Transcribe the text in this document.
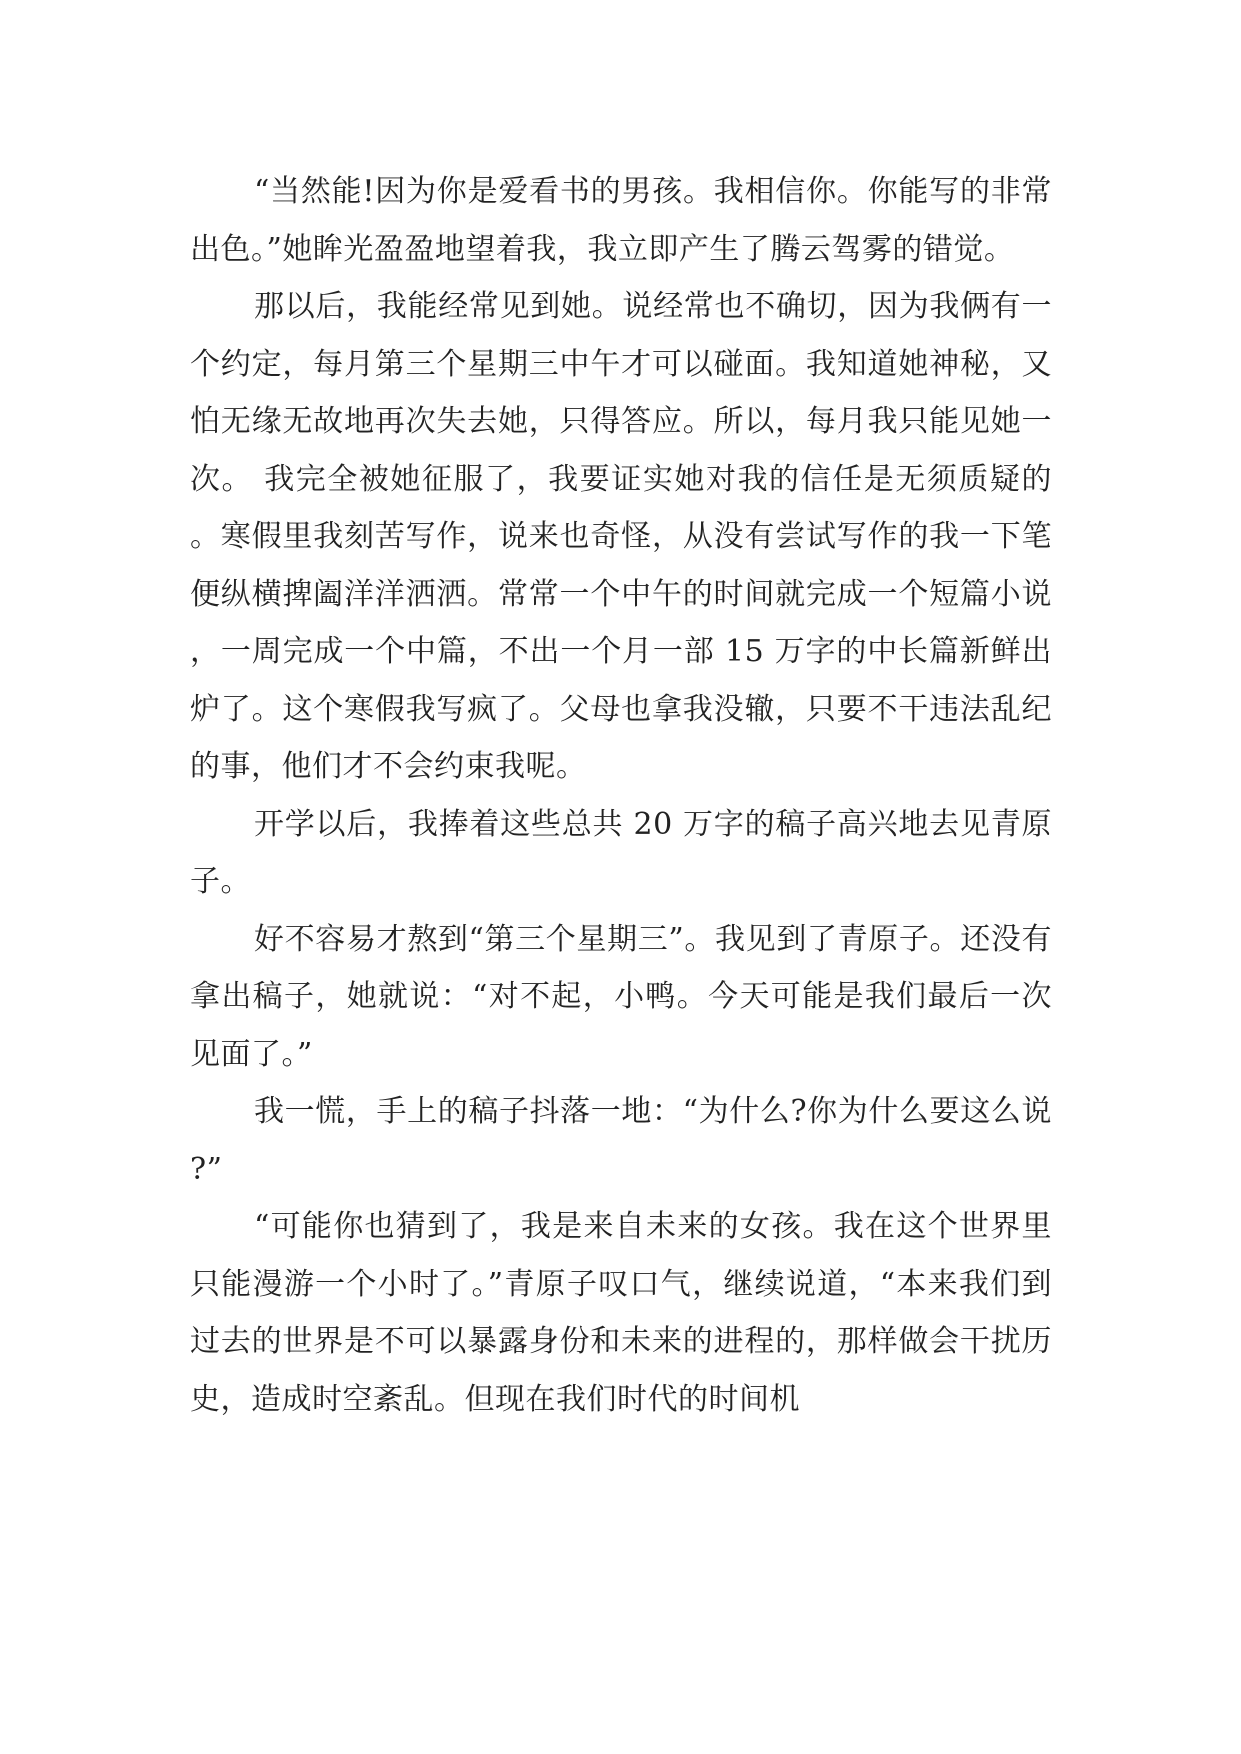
“当然能!因为你是爱看书的男孩。我相信你。你能写的非常出色。”她眸光盈盈地望着我，我立即产生了腾云驾雾的错觉。

那以后，我能经常见到她。说经常也不确切，因为我俩有一个约定，每月第三个星期三中午才可以碰面。我知道她神秘，又怕无缘无故地再次失去她，只得答应。所以，每月我只能见她一次。 我完全被她征服了，我要证实她对我的信任是无须质疑的。寒假里我刻苦写作，说来也奇怪，从没有尝试写作的我一下笔便纵横捭阖洋洋洒洒。常常一个中午的时间就完成一个短篇小说，一周完成一个中篇，不出一个月一部 15 万字的中长篇新鲜出炉了。这个寒假我写疯了。父母也拿我没辙，只要不干违法乱纪的事，他们才不会约束我呢。

开学以后，我捧着这些总共 20 万字的稿子高兴地去见青原子。

好不容易才熬到“第三个星期三”。我见到了青原子。还没有拿出稿子，她就说：“对不起，小鸭。今天可能是我们最后一次见面了。”

我一慌，手上的稿子抖落一地：“为什么?你为什么要这么说?”

“可能你也猜到了，我是来自未来的女孩。我在这个世界里只能漫游一个小时了。”青原子叹口气，继续说道，“本来我们到过去的世界是不可以暴露身份和未来的进程的，那样做会干扰历史，造成时空紊乱。但现在我们时代的时间机
